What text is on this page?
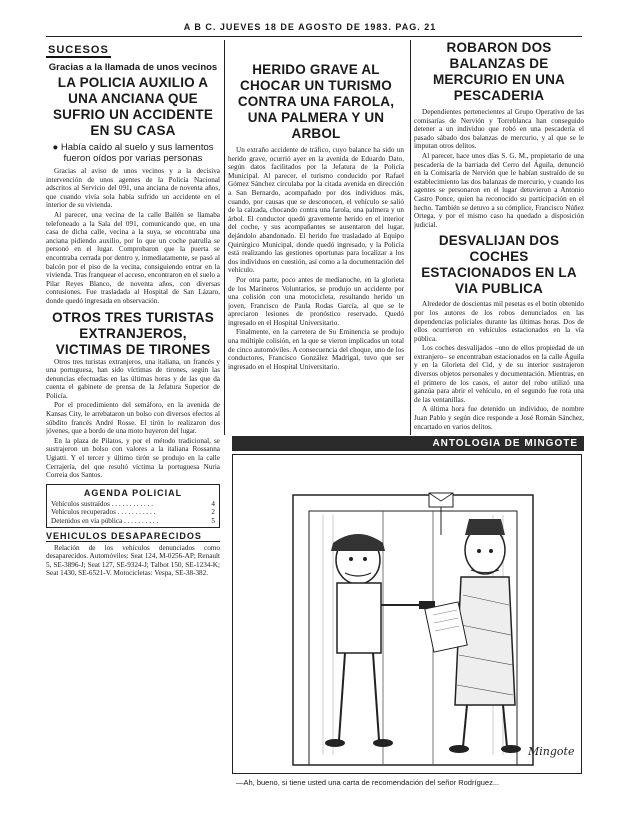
A B C. JUEVES 18 DE AGOSTO DE 1983. PAG. 21
SUCESOS
Gracias a la llamada de unos vecinos
LA POLICIA AUXILIO A UNA ANCIANA QUE SUFRIO UN ACCIDENTE EN SU CASA
● Había caído al suelo y sus lamentos fueron oídos por varias personas

Gracias al aviso de unos vecinos y a la decisiva intervención de unos agentes de la Policía Nacional adscritos al Servicio del 091, una anciana de noventa años, que cuando vivía sola había sufrido un accidente en el interior de su vivienda.

Al parecer, una vecina de la calle Bailén se llamaba telefoneado a la Sala del 091, comunicando que, en una casa de dicha calle, vecina a la suya, se encontraba una anciana pidiendo auxilio, por lo que un coche patrulla se personó en el lugar. Comprobaron que la puerta se encontraba cerrada por dentro y, inmediatamente, se pasó al balcón por el piso de la vecina, consiguiendo entrar en la vivienda. Tras franquear el acceso, encontraron en el suelo a Pilar Reyes Blanco, de noventa años, con diversas contusiones. Fue trasladada al Hospital de San Lázaro, donde quedó ingresada en observación.

OTROS TRES TURISTAS EXTRANJEROS, VICTIMAS DE TIRONES

Otros tres turistas extranjeros, una italiana, un francés y una portuguesa, han sido víctimas de tirones, según las denuncias efectuadas en las últimas horas y de las que da cuenta el gabinete de prensa de la Jefatura Superior de Policía.

Por el procedimiento del semáforo, en la avenida de Kansas City, le arrebataron un bolso con diversos efectos al súbdito francés André Rosse. El tirón lo realizaron dos jóvenes, que a bordo de una moto huyeron del lugar.

En la plaza de Pilatos, y por el método tradicional, se sustrajeron un bolso con valores a la italiana Rossanna Ugiatti. Y el tercer y último tirón se produjo en la calle Cerrajería, del que resultó víctima la portuguesa Nuria Correia dos Santos.

AGENDA POLICIAL
Vehículos sustraídos . . . . . . . . . . . .	4
Vehículos recuperados . . . . . . . . . . .	2
Detenidos en vía pública . . . . . . . . . .	5
VEHICULOS DESAPARECIDOS

Relación de los vehículos denunciados como desaparecidos. Automóviles: Seat 124, M-0256-AP; Renault 5, SE-3896-J; Seat 127, SE-9324-J; Talbot 150, SE-1234-K; Seat 1430, SE-6521-V. Motocicletas: Vespa, SE-38-382.

HERIDO GRAVE AL CHOCAR UN TURISMO CONTRA UNA FAROLA, UNA PALMERA Y UN ARBOL

Un extraño accidente de tráfico, cuyo balance ha sido un herido grave, ocurrió ayer en la avenida de Eduardo Dato, según datos facilitados por la Jefatura de la Policía Municipal. Al parecer, el turismo conducido por Rafael Gómez Sánchez circulaba por la citada avenida en dirección a San Bernardo, acompañado por dos individuos más, cuando, por causas que se desconocen, el vehículo se salió de la calzada, chocando contra una farola, una palmera y un árbol. El conductor quedó gravemente herido en el interior del coche, y sus acompañantes se ausentaron del lugar, dejándolo abandonado. El herido fue trasladado al Equipo Quirúrgico Municipal, donde quedó ingresado, y la Policía está realizando las gestiones oportunas para localizar a los dos individuos en cuestión, así como a la documentación del vehículo.

Por otra parte, poco antes de medianoche, en la glorieta de los Marineros Voluntarios, se produjo un accidente por una colisión con una motocicleta, resultando herido un joven, Francisco de Paula Rodas García, al que se le apreciaron lesiones de pronóstico reservado. Quedó ingresado en el Hospital Universitario.

Finalmente, en la carretera de Su Eminencia se produjo una múltiple colisión, en la que se vieron implicados un total de cinco automóviles. A consecuencia del choque, uno de los conductores, Francisco González Madrigal, tuvo que ser ingresado en el Hospital Universitario.

ROBARON DOS BALANZAS DE MERCURIO EN UNA PESCADERIA

Dependientes pertenecientes al Grupo Operativo de las comisarías de Nervión y Torreblanca han conseguido detener a un individuo que robó en una pescadería el pasado sábado dos balanzas de mercurio, y al que se le imputan otros delitos.

Al parecer, hace unos días S. G. M., propietario de una pescadería de la barriada del Cerro del Águila, denunció en la Comisaría de Nervión que le habían sustraído de su establecimiento las dos balanzas de mercurio, y cuando los agentes se personaron en el lugar detuvieron a Antonio Castro Ponce, quien ha reconocido su participación en el hecho. También se detuvo a su cómplice, Francisco Núñez Ortega, y por el mismo caso ha quedado a disposición judicial.

DESVALIJAN DOS COCHES ESTACIONADOS EN LA VIA PUBLICA

Alrededor de doscientas mil pesetas es el botín obtenido por los autores de los robos denunciados en las dependencias policiales durante las últimas horas. Dos de ellos ocurrieron en vehículos estacionados en la vía pública.

Los coches desvalijados –uno de ellos propiedad de un extranjero– se encontraban estacionados en la calle Águila y en la Glorieta del Cid, y de su interior sustrajeron diversos objetos personales y documentación. Mientras, en el primero de los casos, el autor del robo utilizó una ganzúa para abrir el vehículo, en el segundo fue rota una de las ventanillas.

A última hora fue detenido un individuo, de nombre Juan Pablo y según dice responde a José Román Sánchez, encartado en varios delitos.

ANTOLOGIA DE MINGOTE
Mingote
—Ah, bueno, si tiene usted una carta de recomendación del señor Rodríguez...
